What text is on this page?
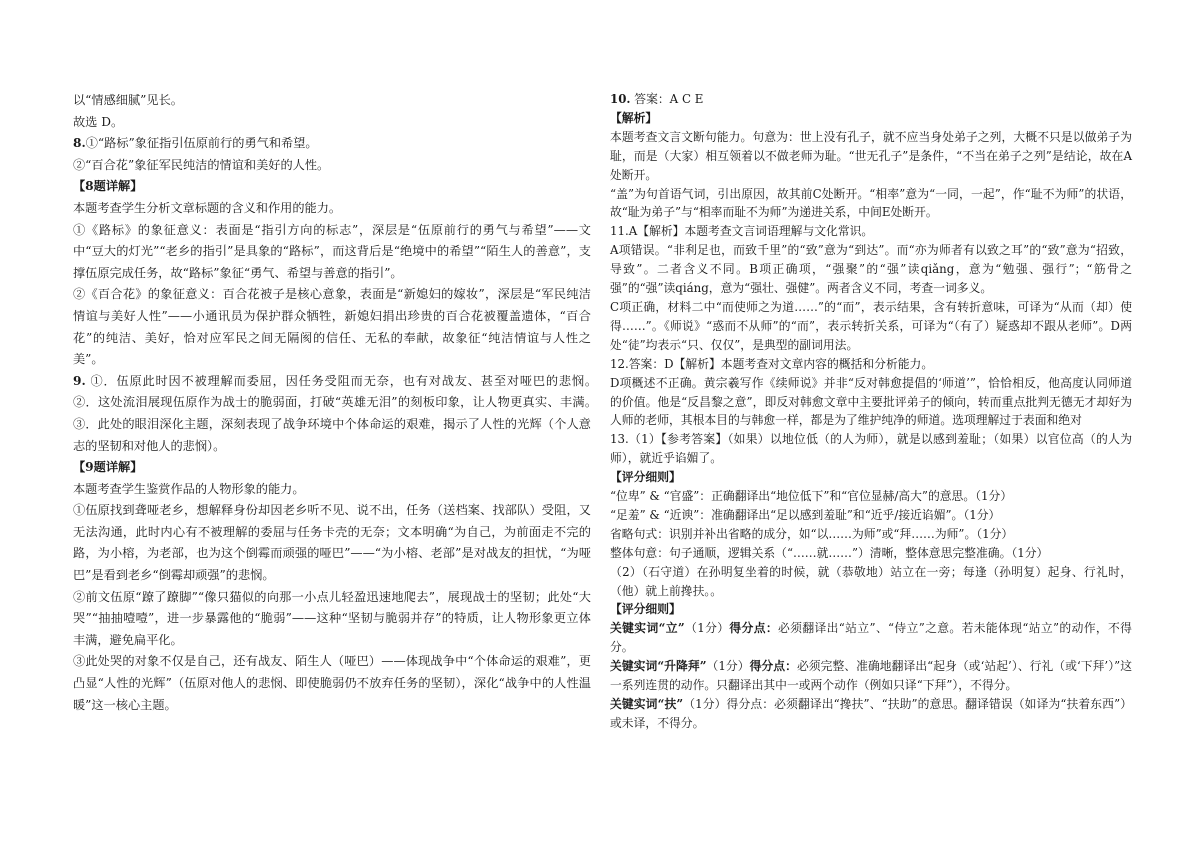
以“情感细腻”见长。

故选 D。

8.①“路标”象征指引伍原前行的勇气和希望。

②“百合花”象征军民纯洁的情谊和美好的人性。

【8题详解】

本题考查学生分析文章标题的含义和作用的能力。

①《路标》的象征意义：表面是“指引方向的标志”，深层是“伍原前行的勇气与希望”——文中“豆大的灯光”“老乡的指引”是具象的“路标”，而这背后是“绝境中的希望”“陌生人的善意”，支撑伍原完成任务，故“路标”象征“勇气、希望与善意的指引”。

②《百合花》的象征意义：百合花被子是核心意象，表面是“新媳妇的嫁妆”，深层是“军民纯洁情谊与美好人性”——小通讯员为保护群众牺牲，新媳妇捐出珍贵的百合花被覆盖遗体，“百合花”的纯洁、美好，恰对应军民之间无隔阂的信任、无私的奉献，故象征“纯洁情谊与人性之美”。

9. ①．伍原此时因不被理解而委屈，因任务受阻而无奈，也有对战友、甚至对哑巴的悲悯。　②．这处流泪展现伍原作为战士的脆弱面，打破“英雄无泪”的刻板印象，让人物更真实、丰满。　③．此处的眼泪深化主题，深刻表现了战争环境中个体命运的艰难，揭示了人性的光辉（个人意志的坚韧和对他人的悲悯）。

【9题详解】

本题考查学生鉴赏作品的人物形象的能力。

①伍原找到聋哑老乡，想解释身份却因老乡听不见、说不出，任务（送档案、找部队）受阻，又无法沟通，此时内心有不被理解的委屈与任务卡壳的无奈；文本明确“为自己，为前面走不完的路，为小榕，为老部，也为这个倒霉而顽强的哑巴”——“为小榕、老部”是对战友的担忧，“为哑巴”是看到老乡“倒霉却顽强”的悲悯。

②前文伍原“蹽了蹽脚”“像只猫似的向那一小点儿轻盈迅速地爬去”，展现战士的坚韧；此处“大哭”“抽抽噎噎”，进一步暴露他的“脆弱”——这种“坚韧与脆弱并存”的特质，让人物形象更立体丰满，避免扁平化。

③此处哭的对象不仅是自己，还有战友、陌生人（哑巴）——体现战争中“个体命运的艰难”，更凸显“人性的光辉”（伍原对他人的悲悯、即使脆弱仍不放弃任务的坚韧），深化“战争中的人性温暖”这一核心主题。

10. 答案：A C E

【解析】

本题考查文言文断句能力。句意为：世上没有孔子，就不应当身处弟子之列，大概不只是以做弟子为耻，而是（大家）相互领着以不做老师为耻。“世无孔子”是条件，“不当在弟子之列”是结论，故在A处断开。

“盖”为句首语气词，引出原因，故其前C处断开。“相率”意为“一同，一起”，作“耻不为师”的状语，故“耻为弟子”与“相率而耻不为师”为递进关系，中间E处断开。

11.A【解析】本题考查文言词语理解与文化常识。

A项错误。“非利足也，而致千里”的“致”意为“到达”。而“亦为师者有以致之耳”的“致”意为“招致，导致”。二者含义不同。B项正确项，“强聚”的“强”读qiǎng，意为“勉强、强行”；“筋骨之强”的“强”读qiáng，意为“强壮、强健”。两者含义不同，考查一词多义。

C项正确，材料二中“而使师之为道……”的“而”，表示结果，含有转折意味，可译为“从而（却）使得……”。《师说》“惑而不从师”的“而”，表示转折关系，可译为“（有了）疑惑却不跟从老师”。D两处“徒”均表示“只、仅仅”，是典型的副词用法。

12.答案：D【解析】本题考查对文章内容的概括和分析能力。

D项概述不正确。黄宗羲写作《续师说》并非“反对韩愈提倡的‘师道’”，恰恰相反，他高度认同师道的价值。他是“反昌黎之意”，即反对韩愈文章中主要批评弟子的倾向，转而重点批判无德无才却好为人师的老师，其根本目的与韩愈一样，都是为了维护纯净的师道。选项理解过于表面和绝对

13.（1）【参考答案】（如果）以地位低（的人为师），就是以感到羞耻；（如果）以官位高（的人为师），就近乎谄媚了。

【评分细则】

“位卑” & “官盛”：正确翻译出“地位低下”和“官位显赫/高大”的意思。（1分）

“足羞” & “近谀”：准确翻译出“足以感到羞耻”和“近乎/接近谄媚”。（1分）

省略句式：识别并补出省略的成分，如“以……为师”或“拜……为师”。（1分）

整体句意：句子通顺，逻辑关系（“……就……”）清晰，整体意思完整准确。（1分）

（2）（石守道）在孙明复坐着的时候，就（恭敬地）站立在一旁；每逢（孙明复）起身、行礼时，（他）就上前搀扶。。

【评分细则】

关键实词“立”（1分）得分点：必须翻译出“站立”、“侍立”之意。若未能体现“站立”的动作，不得分。

关键实词“升降拜”（1分）得分点：必须完整、准确地翻译出“起身（或‘站起’）、行礼（或‘下拜’）”这一系列连贯的动作。只翻译出其中一或两个动作（例如只译“下拜”），不得分。

关键实词“扶”（1分）得分点：必须翻译出“搀扶”、“扶助”的意思。翻译错误（如译为“扶着东西”）或未译，不得分。
